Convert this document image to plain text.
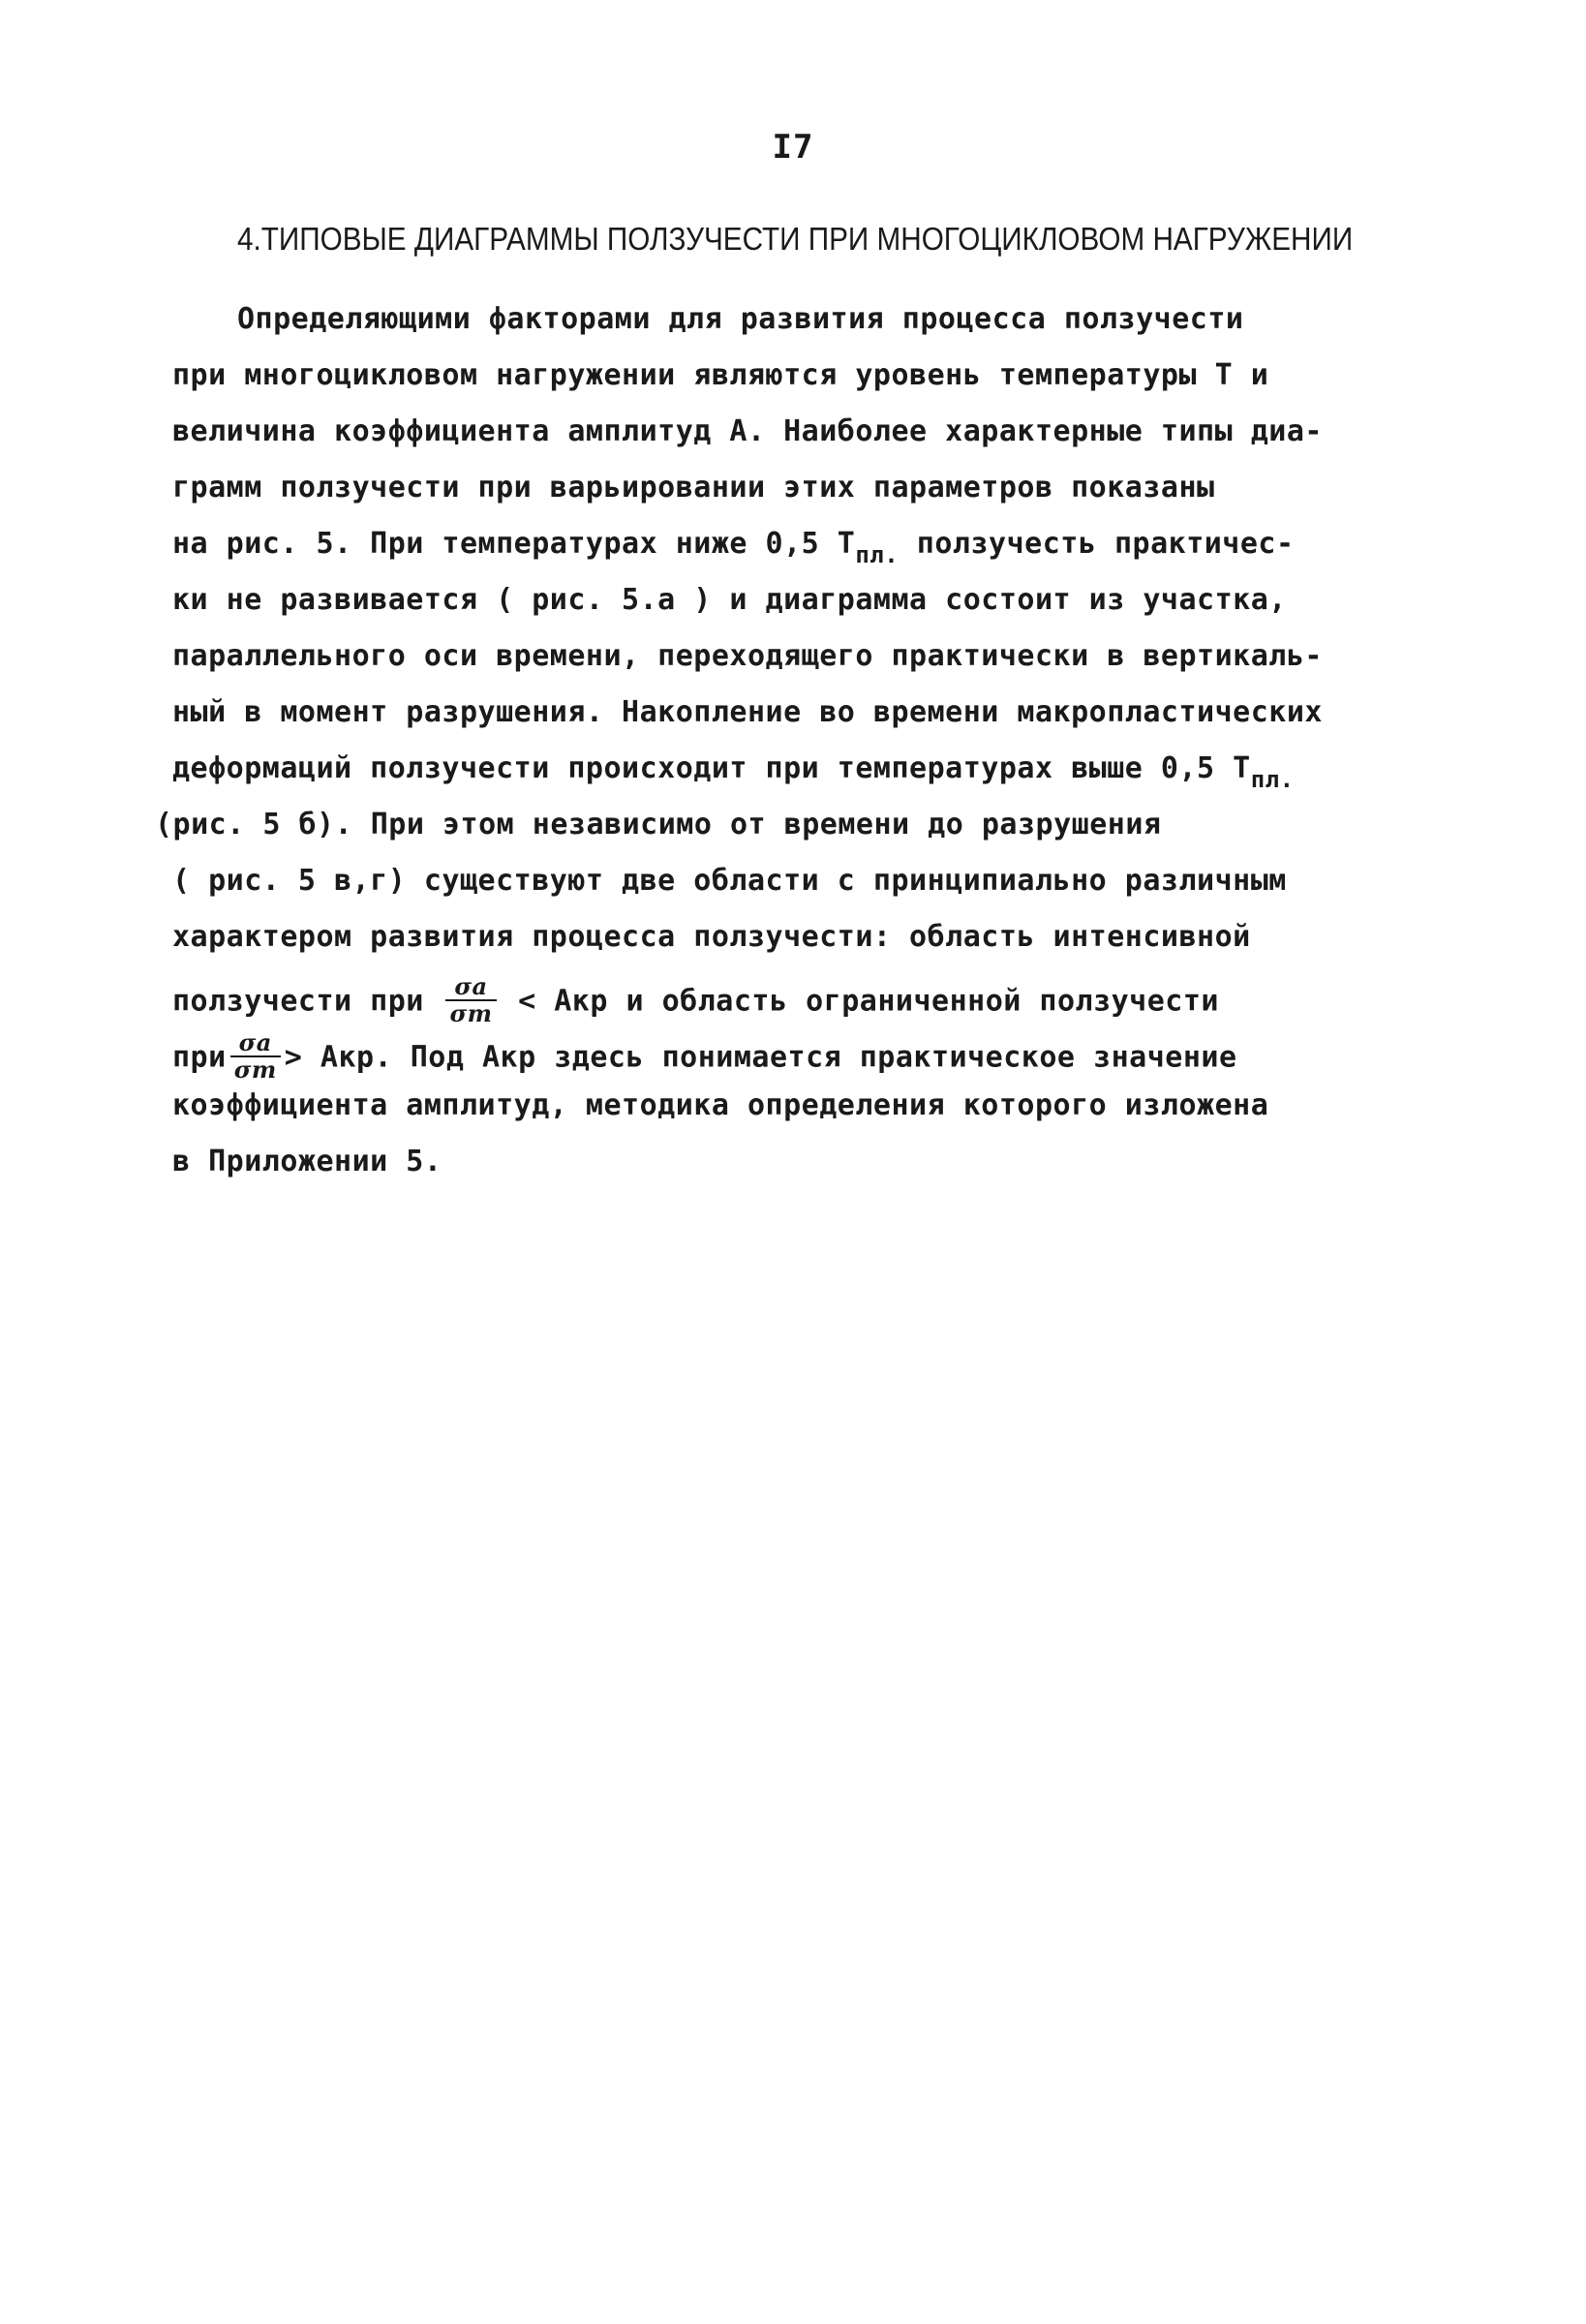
I7
4.ТИПОВЫЕ ДИАГРАММЫ ПОЛЗУЧЕСТИ ПРИ МНОГОЦИКЛОВОМ НАГРУЖЕНИИ
Определяющими факторами для развития процесса ползучести
при многоцикловом нагружении являются уровень температуры Т и
величина коэффициента амплитуд А. Наиболее характерные типы диа-
грамм ползучести при варьировании этих параметров показаны
на рис. 5. При температурах ниже 0,5 $Т_{пл.}$ ползучесть практичес-
ки не развивается ( рис. 5.а ) и диаграмма состоит из участка,
параллельного оси времени, переходящего практически в вертикаль-
ный в момент разрушения. Накопление во времени макропластических
деформаций ползучести происходит при температурах выше 0,5 $Т_{пл.}$
(рис. 5 б). При этом независимо от времени до разрушения
( рис. 5 в,г) существуют две области с принципиально различным
характером развития процесса ползучести: область интенсивной
ползучести при $\frac{\sigma a}{\sigma m}$ < Акр и область ограниченной ползучести
при $\frac{\sigma a}{\sigma m}$ > Акр. Под Акр здесь понимается практическое значение
коэффициента амплитуд, методика определения которого изложена
в Приложении 5.
